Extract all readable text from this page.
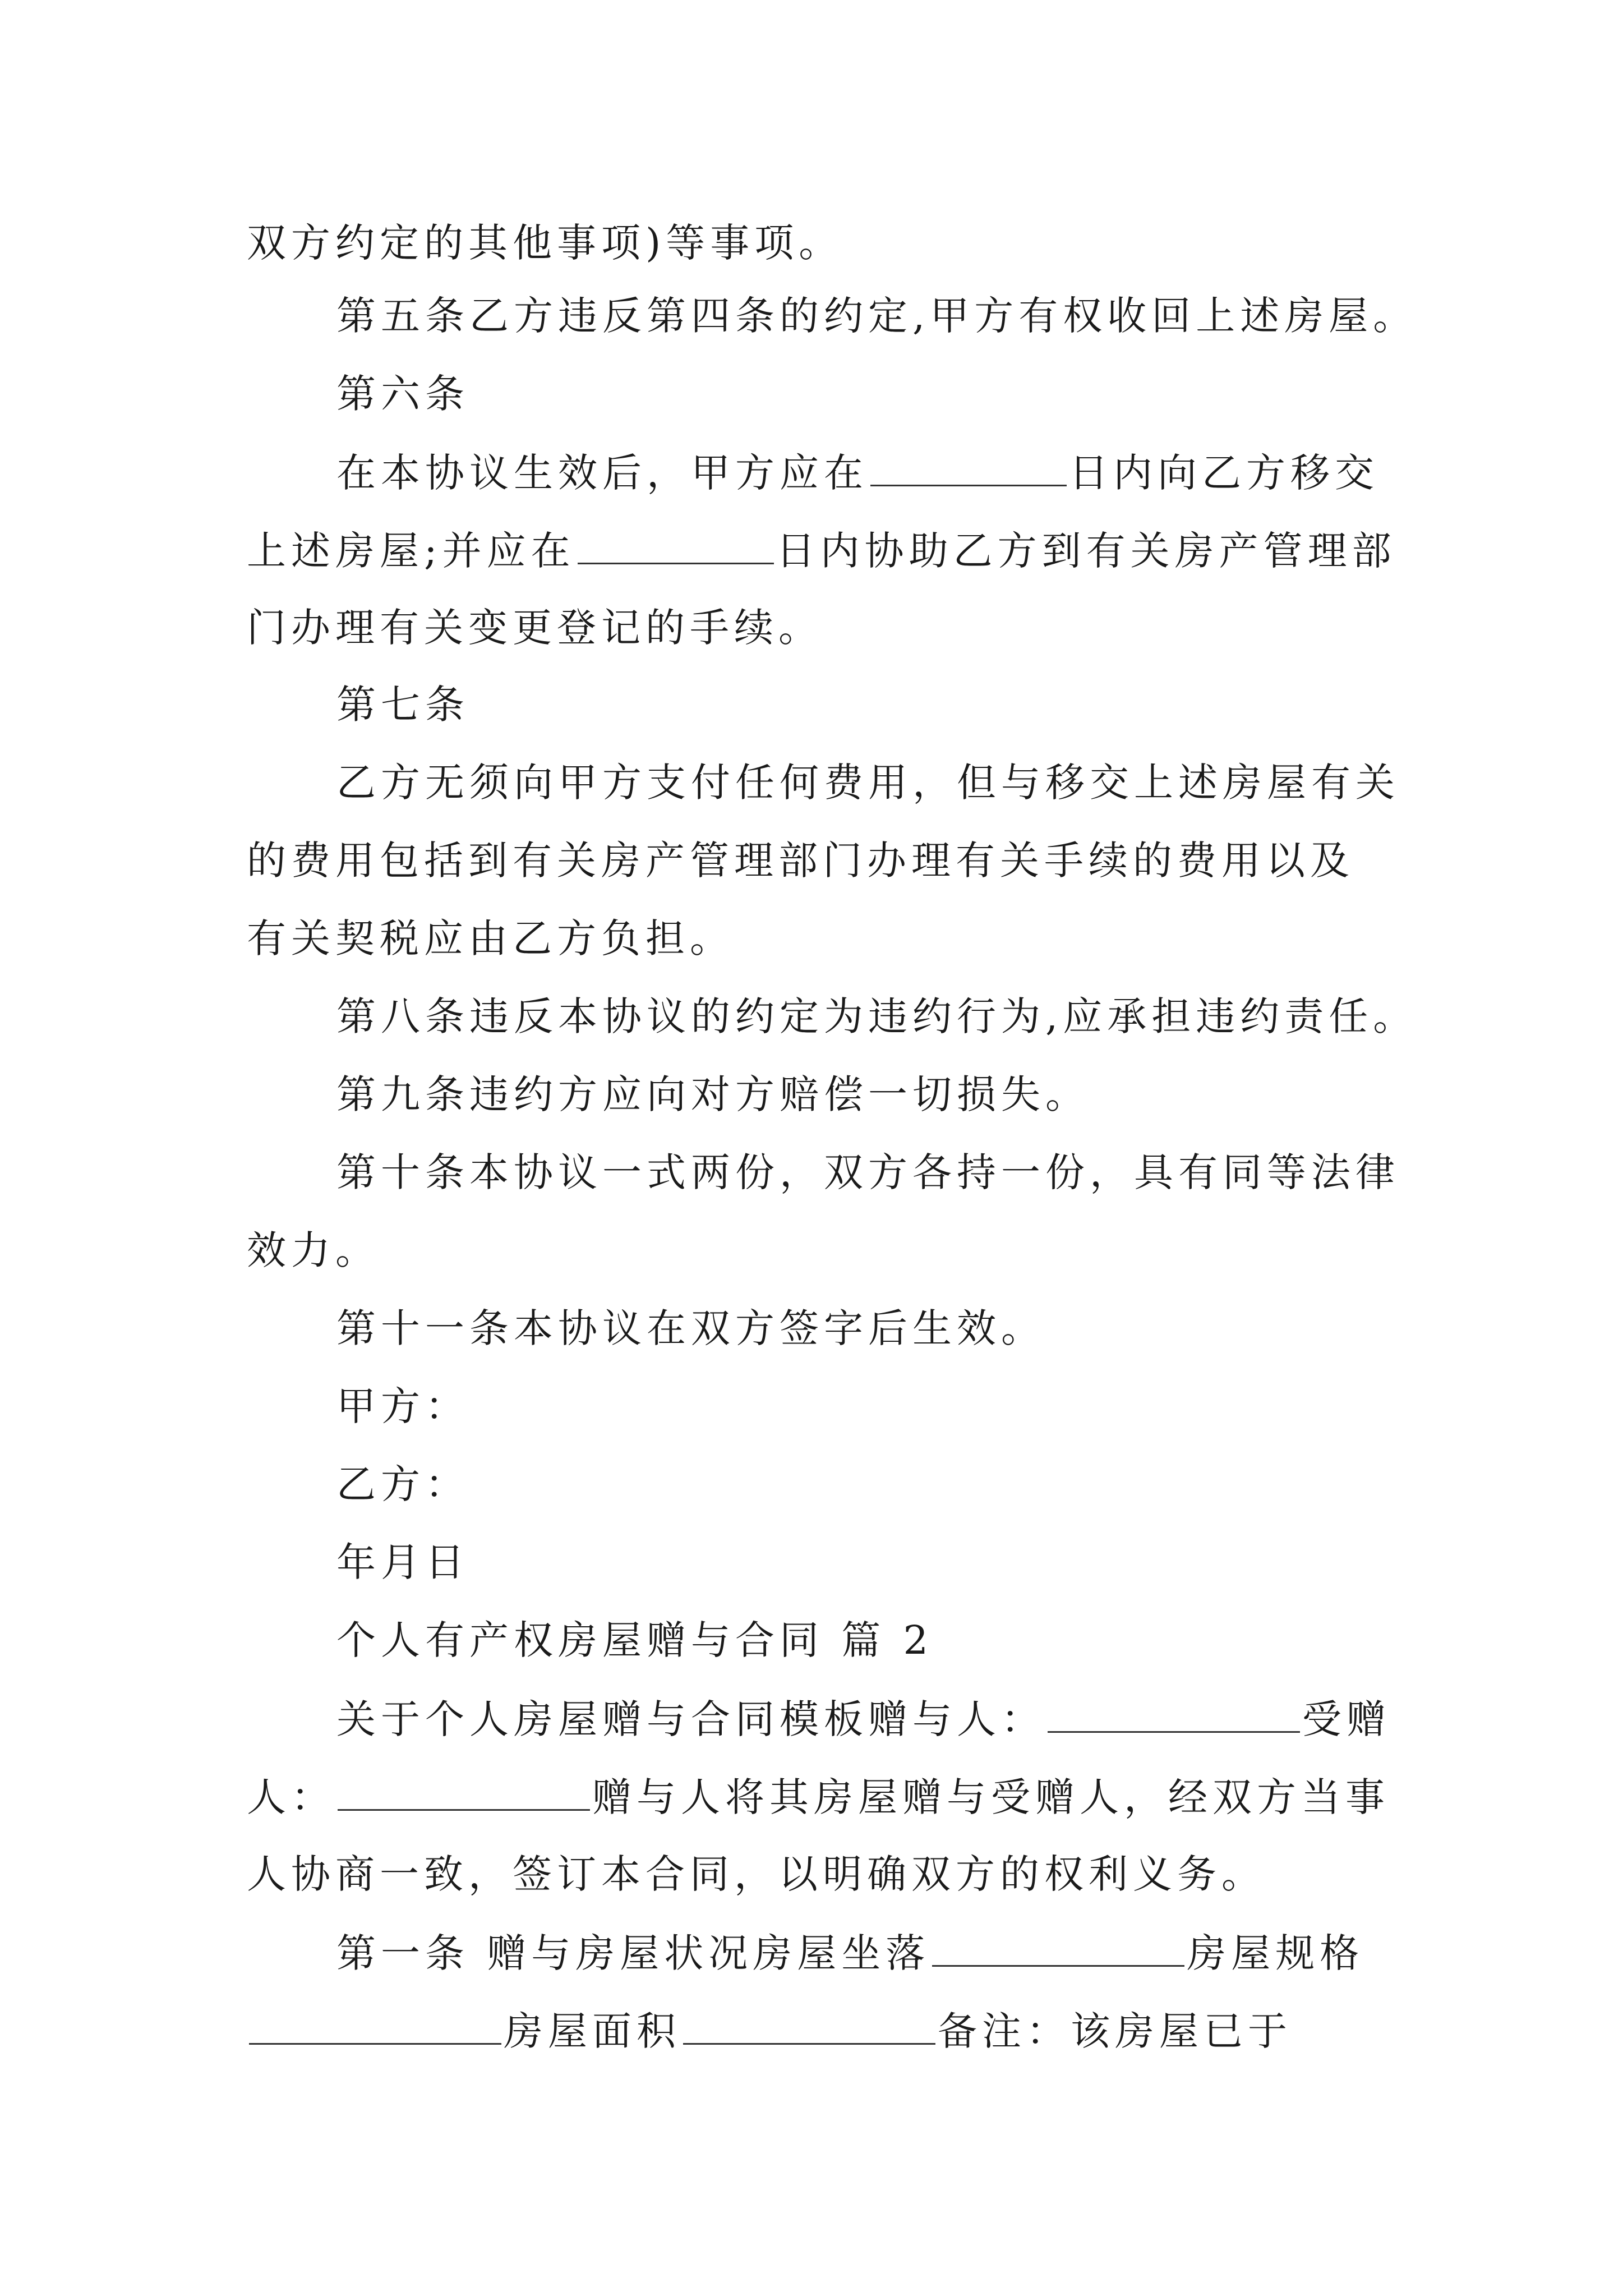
双方约定的其他事项)等事项。
第五条乙方违反第四条的约定,甲方有权收回上述房屋。
第六条
在本协议生效后，甲方应在	日内向乙方移交
上述房屋;并应在	日内协助乙方到有关房产管理部
门办理有关变更登记的手续。
第七条
乙方无须向甲方支付任何费用，但与移交上述房屋有关
的费用包括到有关房产管理部门办理有关手续的费用以及
有关契税应由乙方负担。
第八条违反本协议的约定为违约行为,应承担违约责任。
第九条违约方应向对方赔偿一切损失。
第十条本协议一式两份，双方各持一份，具有同等法律
效力。
第十一条本协议在双方签字后生效。
甲方：
乙方：
年月日
个人有产权房屋赠与合同 篇 2
关于个人房屋赠与合同模板赠与人：	受赠
人：	赠与人将其房屋赠与受赠人，经双方当事
人协商一致，签订本合同，以明确双方的权利义务。
第一条 赠与房屋状况房屋坐落	房屋规格
房屋面积	备注：该房屋已于
